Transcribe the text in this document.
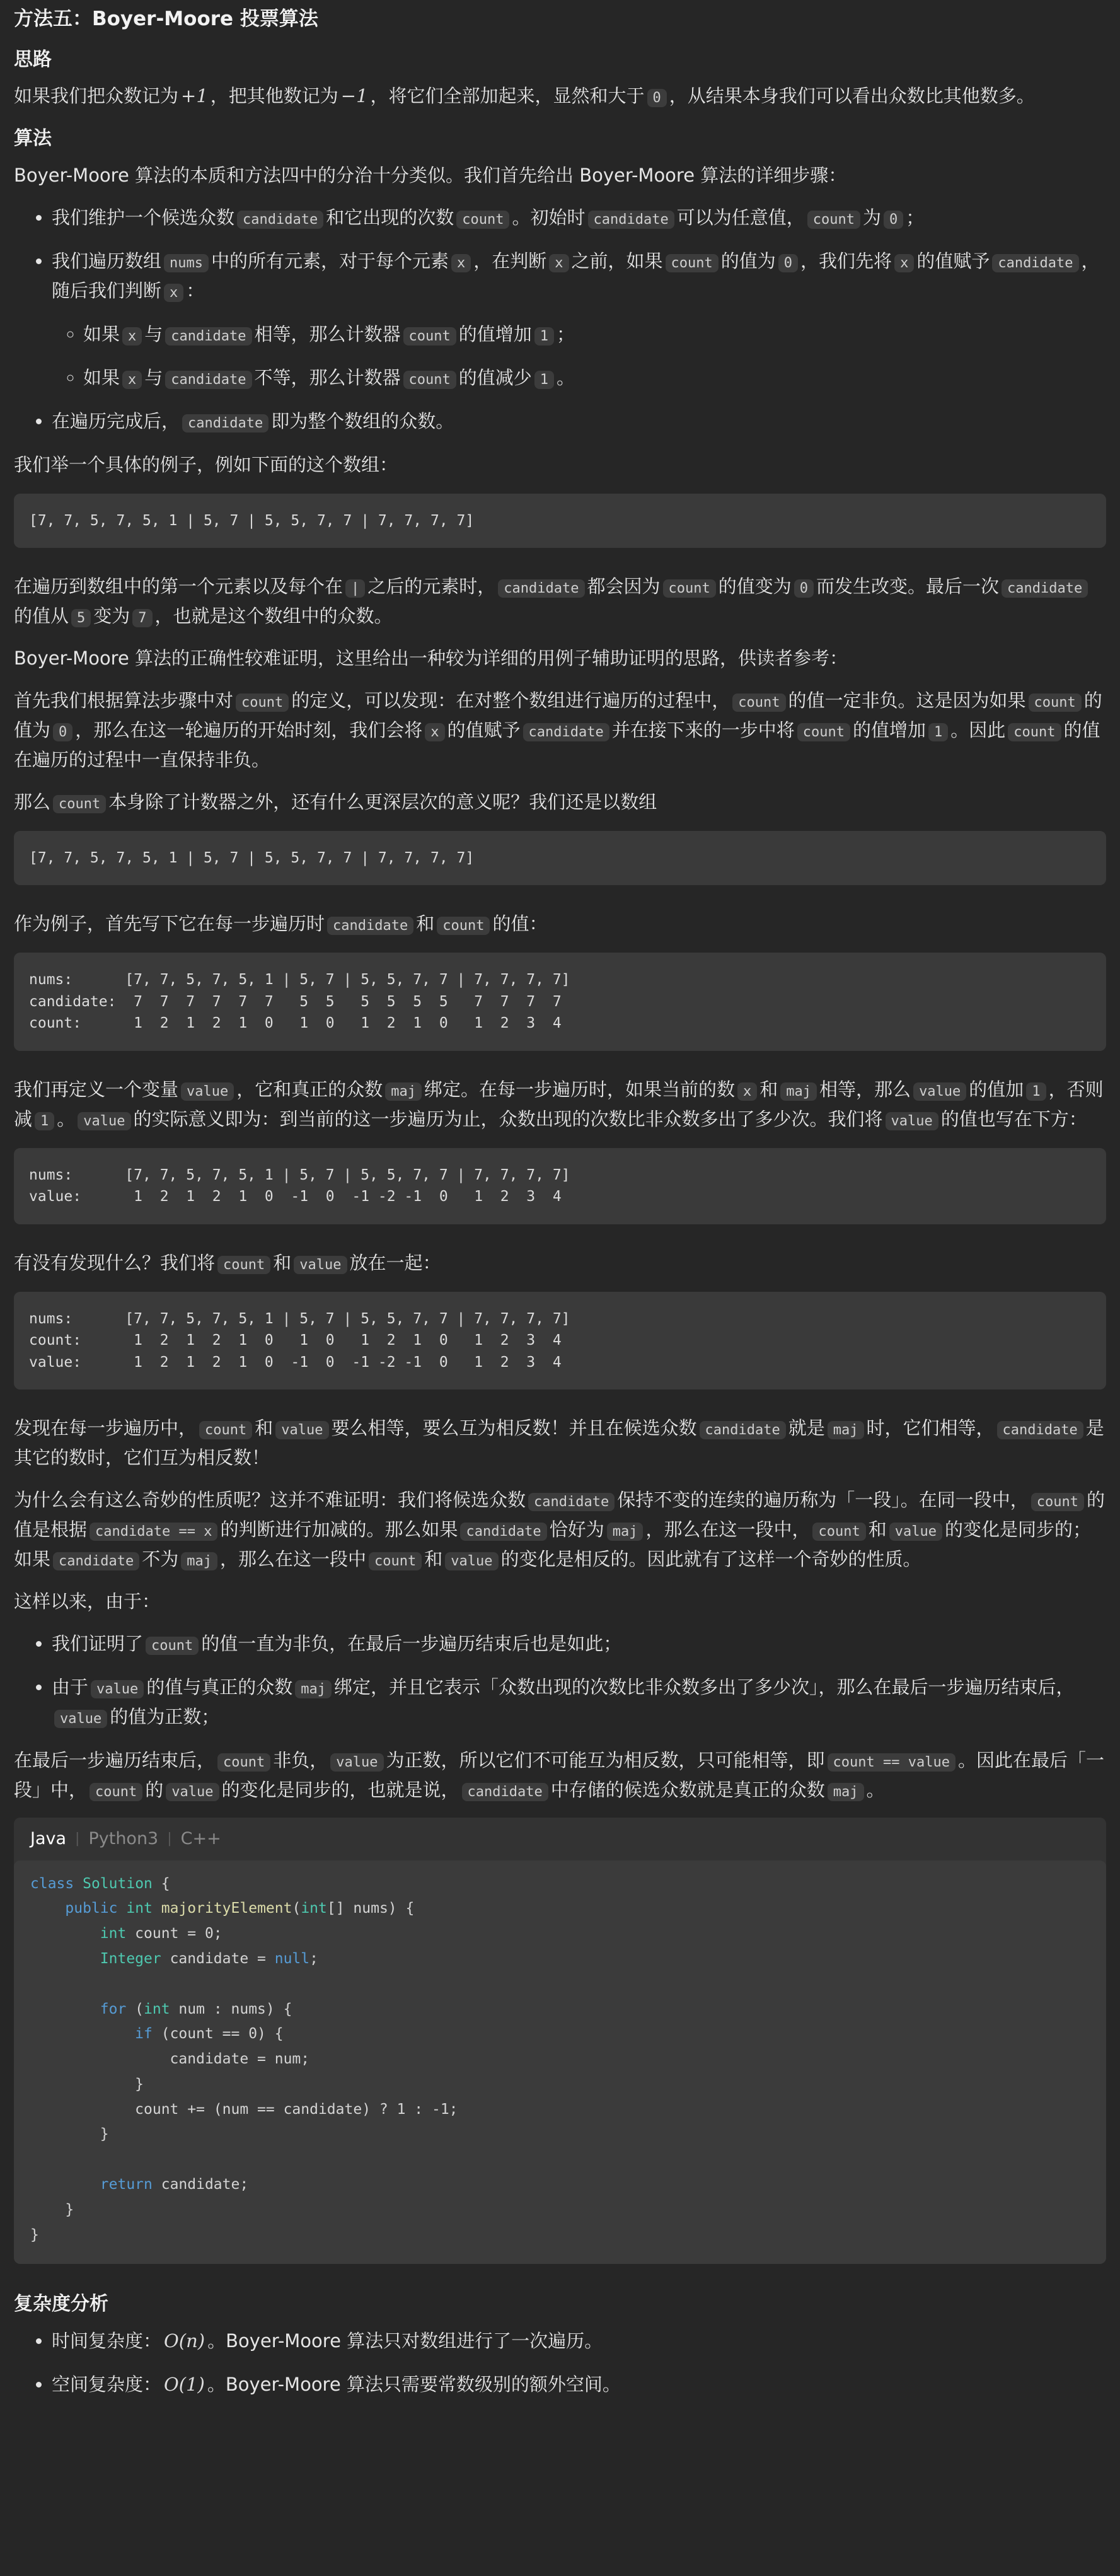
方法五：Boyer-Moore 投票算法
思路

如果我们把众数记为 +1 ，把其他数记为 −1 ，将它们全部加起来，显然和大于 0 ，从结果本身我们可以看出众数比其他数多。

算法

Boyer-Moore 算法的本质和方法四中的分治十分类似。我们首先给出 Boyer-Moore 算法的详细步骤：

• 我们维护一个候选众数 candidate 和它出现的次数 count 。初始时 candidate 可以为任意值， count 为 0 ；
• 我们遍历数组 nums 中的所有元素，对于每个元素 x ，在判断 x 之前，如果 count 的值为 0 ，我们先将 x 的值赋予 candidate ，随后我们判断 x ：
◦ 如果 x 与 candidate 相等，那么计数器 count 的值增加 1 ；
◦ 如果 x 与 candidate 不等，那么计数器 count 的值减少 1 。
• 在遍历完成后， candidate 即为整个数组的众数。

我们举一个具体的例子，例如下面的这个数组：

[7, 7, 5, 7, 5, 1 | 5, 7 | 5, 5, 7, 7 | 7, 7, 7, 7]

在遍历到数组中的第一个元素以及每个在 | 之后的元素时， candidate 都会因为 count 的值变为 0 而发生改变。最后一次 candidate的值从 5 变为 7 ，也就是这个数组中的众数。

Boyer-Moore 算法的正确性较难证明，这里给出一种较为详细的用例子辅助证明的思路，供读者参考：

首先我们根据算法步骤中对 count 的定义，可以发现：在对整个数组进行遍历的过程中， count 的值一定非负。这是因为如果 count 的值为 0 ，那么在这一轮遍历的开始时刻，我们会将 x 的值赋予 candidate 并在接下来的一步中将 count 的值增加 1 。因此 count 的值在遍历的过程中一直保持非负。

那么 count 本身除了计数器之外，还有什么更深层次的意义呢？我们还是以数组

[7, 7, 5, 7, 5, 1 | 5, 7 | 5, 5, 7, 7 | 7, 7, 7, 7]

作为例子，首先写下它在每一步遍历时 candidate 和 count 的值：

nums:      [7, 7, 5, 7, 5, 1 | 5, 7 | 5, 5, 7, 7 | 7, 7, 7, 7]
candidate:  7  7  7  7  7  7   5  5   5  5  5  5   7  7  7  7
count:      1  2  1  2  1  0   1  0   1  2  1  0   1  2  3  4

我们再定义一个变量 value ，它和真正的众数 maj 绑定。在每一步遍历时，如果当前的数 x 和 maj 相等，那么 value 的值加 1 ，否则减 1 。 value 的实际意义即为：到当前的这一步遍历为止，众数出现的次数比非众数多出了多少次。我们将 value 的值也写在下方：

nums:      [7, 7, 5, 7, 5, 1 | 5, 7 | 5, 5, 7, 7 | 7, 7, 7, 7]
value:      1  2  1  2  1  0  -1  0  -1 -2 -1  0   1  2  3  4

有没有发现什么？我们将 count 和 value 放在一起：

nums:      [7, 7, 5, 7, 5, 1 | 5, 7 | 5, 5, 7, 7 | 7, 7, 7, 7]
count:      1  2  1  2  1  0   1  0   1  2  1  0   1  2  3  4
value:      1  2  1  2  1  0  -1  0  -1 -2 -1  0   1  2  3  4

发现在每一步遍历中， count 和 value 要么相等，要么互为相反数！并且在候选众数 candidate 就是 maj 时，它们相等， candidate 是其它的数时，它们互为相反数！

为什么会有这么奇妙的性质呢？这并不难证明：我们将候选众数 candidate 保持不变的连续的遍历称为「一段」。在同一段中， count 的值是根据 candidate == x 的判断进行加减的。那么如果 candidate 恰好为 maj ，那么在这一段中， count 和 value 的变化是同步的；如果 candidate 不为 maj ，那么在这一段中 count 和 value 的变化是相反的。因此就有了这样一个奇妙的性质。

这样以来，由于：

• 我们证明了 count 的值一直为非负，在最后一步遍历结束后也是如此；
• 由于 value 的值与真正的众数 maj 绑定，并且它表示「众数出现的次数比非众数多出了多少次」，那么在最后一步遍历结束后，value 的值为正数；

在最后一步遍历结束后， count 非负， value 为正数，所以它们不可能互为相反数，只可能相等，即 count == value 。因此在最后「一段」中， count 的 value 的变化是同步的，也就是说， candidate 中存储的候选众数就是真正的众数 maj 。

Java | Python3 | C++
class Solution {
public int majorityElement(int[] nums) {
int count = 0;
Integer candidate = null;

for (int num : nums) {
if (count == 0) {
candidate = num;
}
count += (num == candidate) ? 1 : -1;
}

return candidate;
}
}
复杂度分析
• 时间复杂度： O(n) 。Boyer-Moore 算法只对数组进行了一次遍历。
• 空间复杂度： O(1) 。Boyer-Moore 算法只需要常数级别的额外空间。
